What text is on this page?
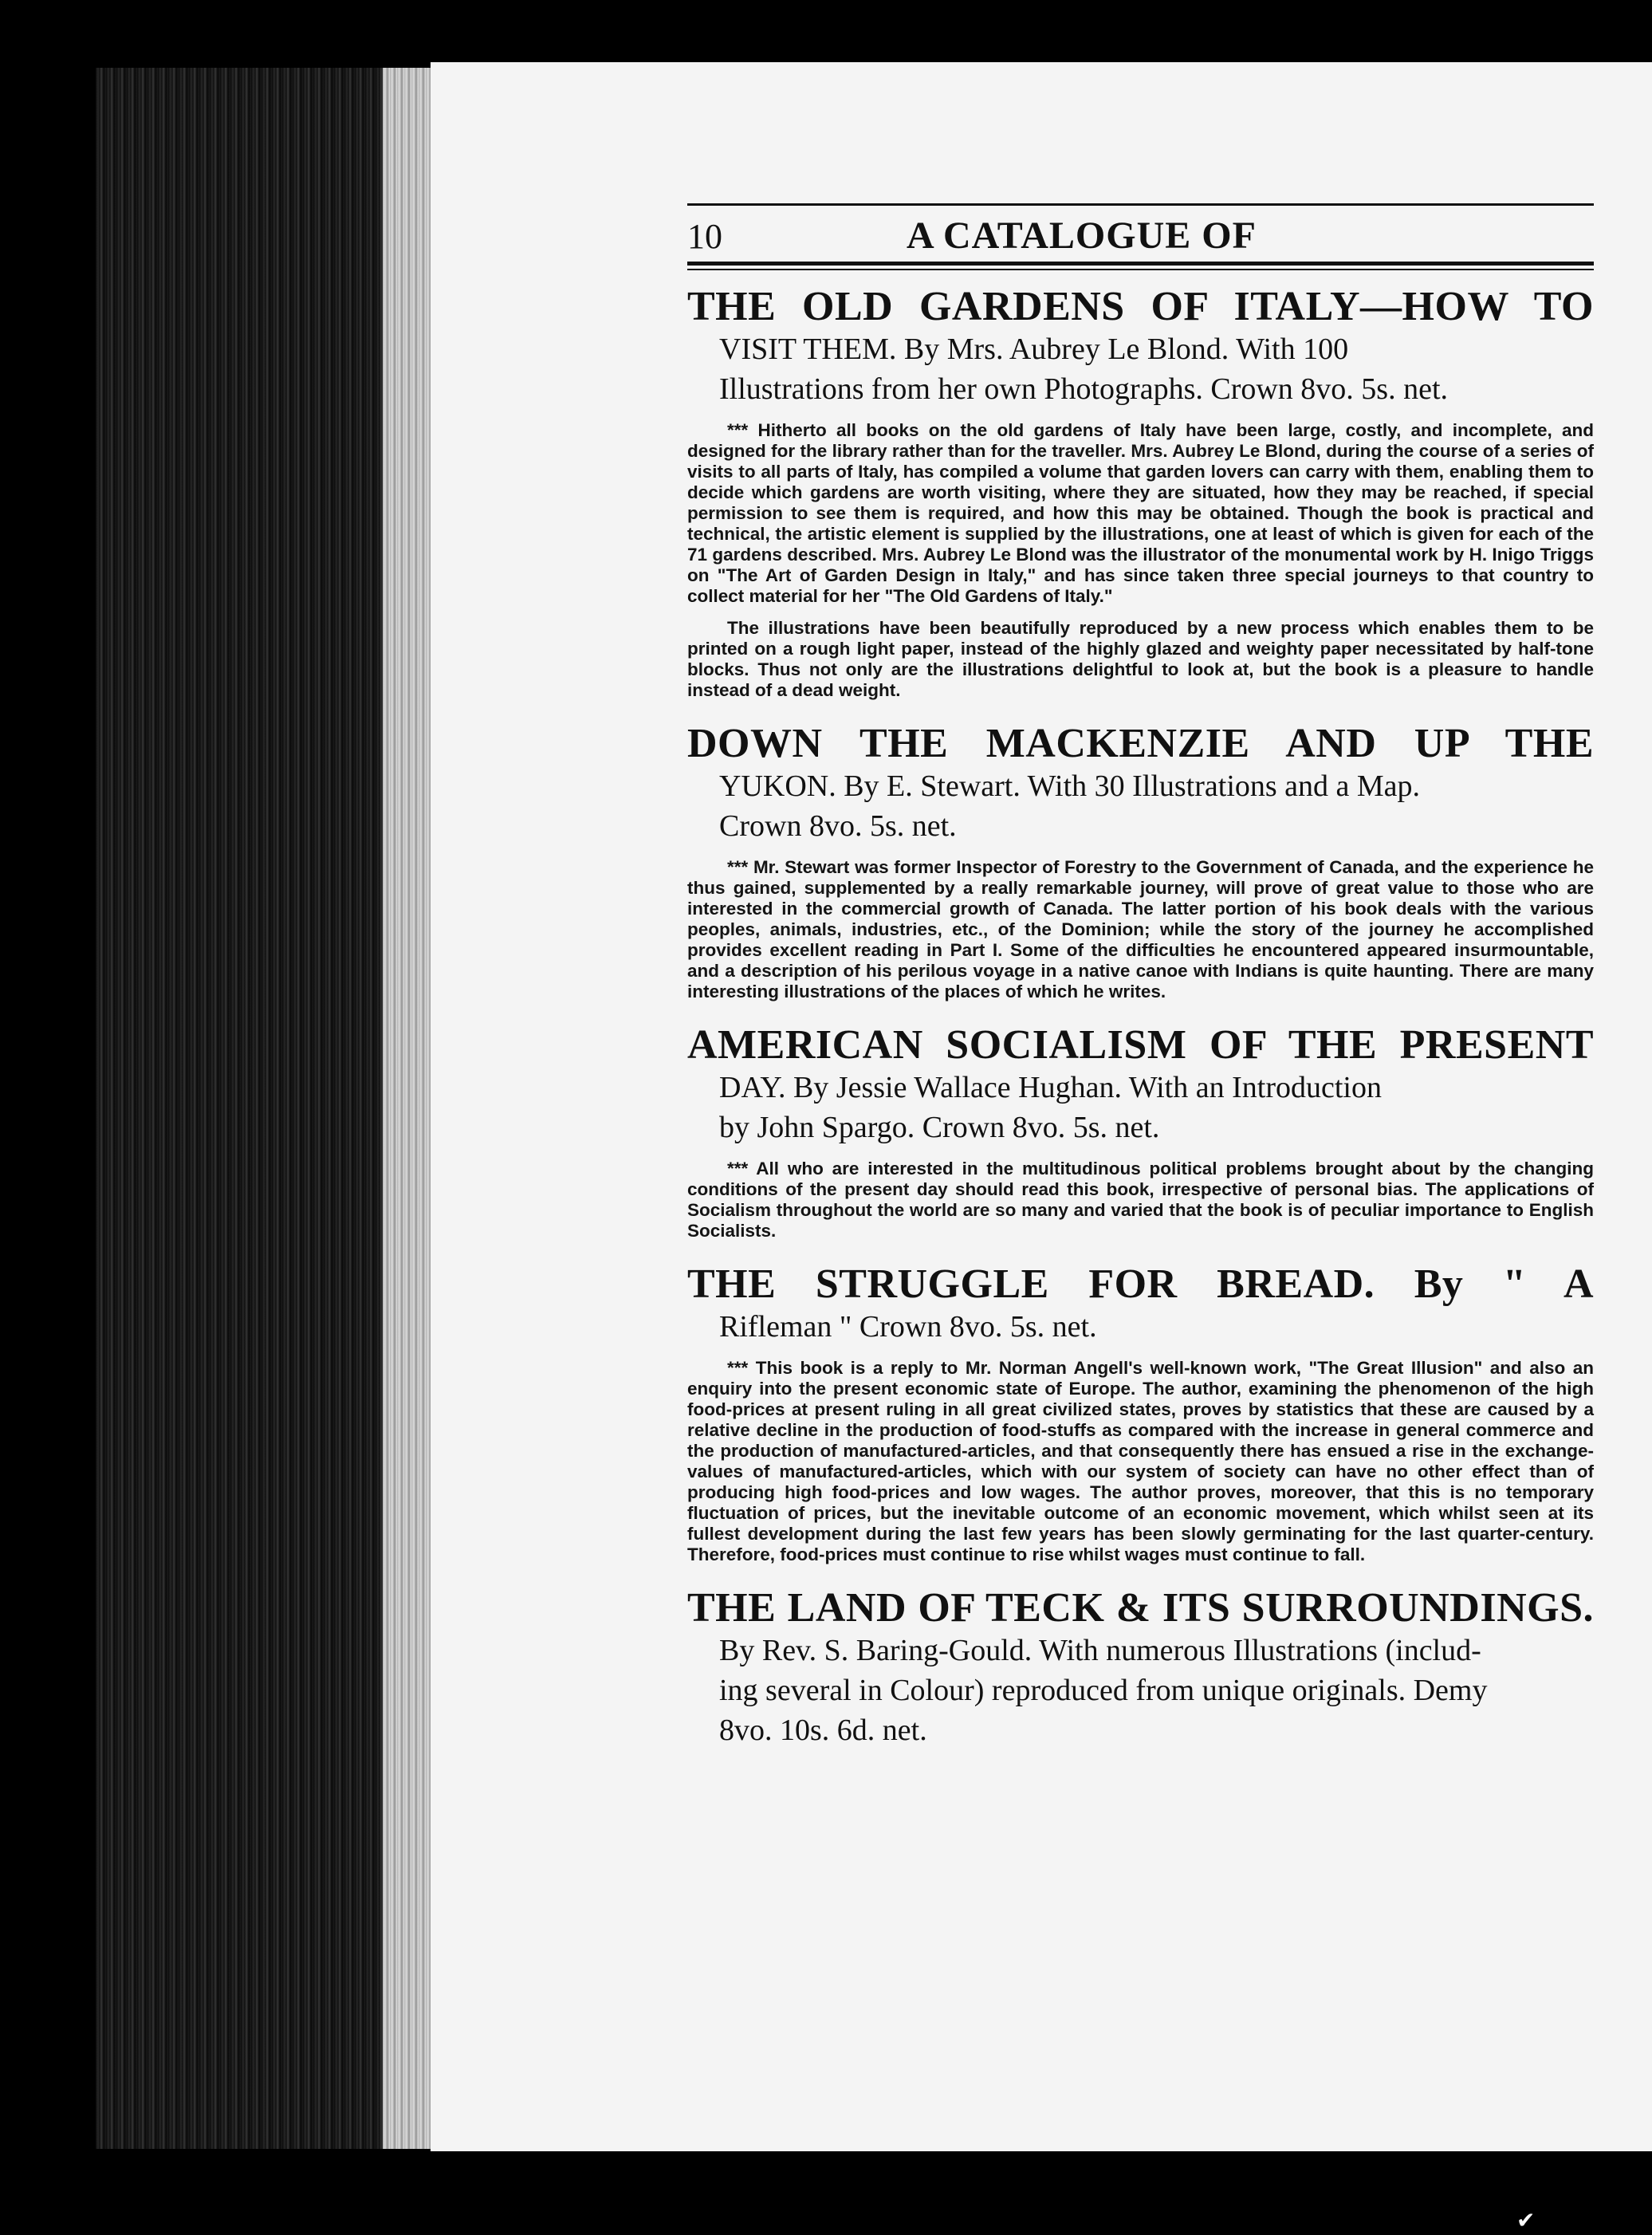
10	A CATALOGUE OF
THE OLD GARDENS OF ITALY—HOW TO
VISIT THEM. By Mrs. Aubrey Le Blond. With 100
Illustrations from her own Photographs. Crown 8vo. 5s. net.

*** Hitherto all books on the old gardens of Italy have been large, costly, and incomplete, and designed for the library rather than for the traveller. Mrs. Aubrey Le Blond, during the course of a series of visits to all parts of Italy, has compiled a volume that garden lovers can carry with them, enabling them to decide which gardens are worth visiting, where they are situated, how they may be reached, if special permission to see them is required, and how this may be obtained. Though the book is practical and technical, the artistic element is supplied by the illustrations, one at least of which is given for each of the 71 gardens described. Mrs. Aubrey Le Blond was the illustrator of the monumental work by H. Inigo Triggs on "The Art of Garden Design in Italy," and has since taken three special journeys to that country to collect material for her "The Old Gardens of Italy."

The illustrations have been beautifully reproduced by a new process which enables them to be printed on a rough light paper, instead of the highly glazed and weighty paper necessitated by half-tone blocks. Thus not only are the illustrations delightful to look at, but the book is a pleasure to handle instead of a dead weight.

DOWN THE MACKENZIE AND UP THE
YUKON. By E. Stewart. With 30 Illustrations and a Map.
Crown 8vo. 5s. net.

*** Mr. Stewart was former Inspector of Forestry to the Government of Canada, and the experience he thus gained, supplemented by a really remarkable journey, will prove of great value to those who are interested in the commercial growth of Canada. The latter portion of his book deals with the various peoples, animals, industries, etc., of the Dominion; while the story of the journey he accomplished provides excellent reading in Part I. Some of the difficulties he encountered appeared insurmountable, and a description of his perilous voyage in a native canoe with Indians is quite haunting. There are many interesting illustrations of the places of which he writes.

AMERICAN SOCIALISM OF THE PRESENT
DAY. By Jessie Wallace Hughan. With an Introduction
by John Spargo. Crown 8vo. 5s. net.

*** All who are interested in the multitudinous political problems brought about by the changing conditions of the present day should read this book, irrespective of personal bias. The applications of Socialism throughout the world are so many and varied that the book is of peculiar importance to English Socialists.

THE STRUGGLE FOR BREAD. By " A
Rifleman " Crown 8vo. 5s. net.

*** This book is a reply to Mr. Norman Angell's well-known work, "The Great Illusion" and also an enquiry into the present economic state of Europe. The author, examining the phenomenon of the high food-prices at present ruling in all great civilized states, proves by statistics that these are caused by a relative decline in the production of food-stuffs as compared with the increase in general commerce and the production of manufactured-articles, and that consequently there has ensued a rise in the exchange-values of manufactured-articles, which with our system of society can have no other effect than of producing high food-prices and low wages. The author proves, moreover, that this is no temporary fluctuation of prices, but the inevitable outcome of an economic movement, which whilst seen at its fullest development during the last few years has been slowly germinating for the last quarter-century. Therefore, food-prices must continue to rise whilst wages must continue to fall.

THE LAND OF TECK & ITS SURROUNDINGS.
By Rev. S. Baring-Gould. With numerous Illustrations (includ-
ing several in Colour) reproduced from unique originals. Demy
8vo. 10s. 6d. net.
✔
